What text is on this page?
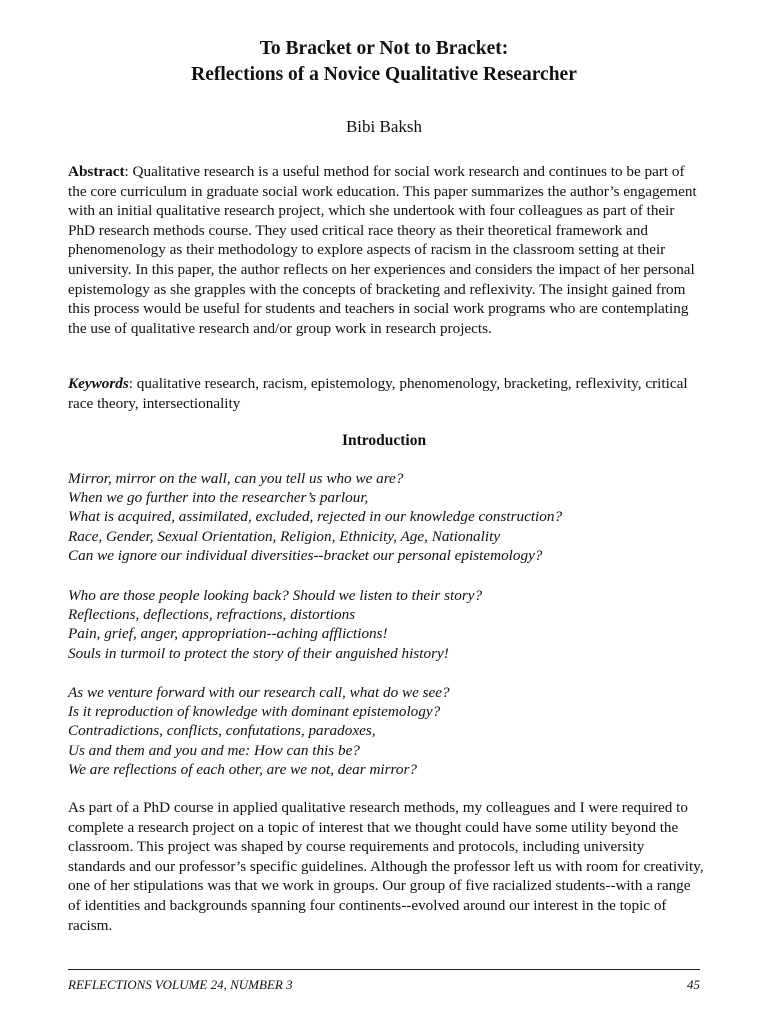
To Bracket or Not to Bracket:
Reflections of a Novice Qualitative Researcher
Bibi Baksh

Abstract: Qualitative research is a useful method for social work research and continues to be part of the core curriculum in graduate social work education. This paper summarizes the author’s engagement with an initial qualitative research project, which she undertook with four colleagues as part of their PhD research methods course. They used critical race theory as their theoretical framework and phenomenology as their methodology to explore aspects of racism in the classroom setting at their university. In this paper, the author reflects on her experiences and considers the impact of her personal epistemology as she grapples with the concepts of bracketing and reflexivity. The insight gained from this process would be useful for students and teachers in social work programs who are contemplating the use of qualitative research and/or group work in research projects.

Keywords: qualitative research, racism, epistemology, phenomenology, bracketing, reflexivity, critical race theory, intersectionality

Introduction
Mirror, mirror on the wall, can you tell us who we are?
When we go further into the researcher’s parlour,
What is acquired, assimilated, excluded, rejected in our knowledge construction?
Race, Gender, Sexual Orientation, Religion, Ethnicity, Age, Nationality
Can we ignore our individual diversities--bracket our personal epistemology?
Who are those people looking back? Should we listen to their story?
Reflections, deflections, refractions, distortions
Pain, grief, anger, appropriation--aching afflictions!
Souls in turmoil to protect the story of their anguished history!
As we venture forward with our research call, what do we see?
Is it reproduction of knowledge with dominant epistemology?
Contradictions, conflicts, confutations, paradoxes,
Us and them and you and me: How can this be?
We are reflections of each other, are we not, dear mirror?

As part of a PhD course in applied qualitative research methods, my colleagues and I were required to complete a research project on a topic of interest that we thought could have some utility beyond the classroom. This project was shaped by course requirements and protocols, including university standards and our professor’s specific guidelines. Although the professor left us with room for creativity, one of her stipulations was that we work in groups. Our group of five racialized students--with a range of identities and backgrounds spanning four continents--evolved around our interest in the topic of racism.

REFLECTIONS VOLUME 24, NUMBER 3	45
